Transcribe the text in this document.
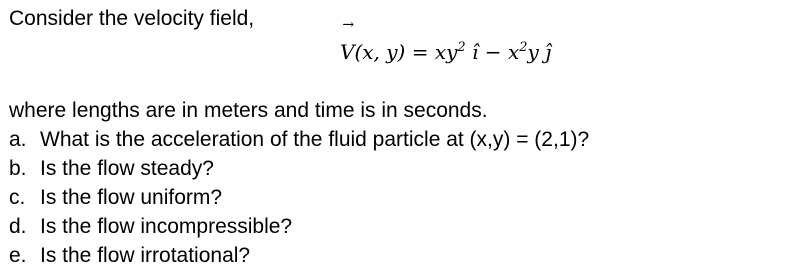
Consider the velocity field,	→
V(x, $y) = xy^2$ î − $x^2y$ ĵ
where lengths are in meters and time is in seconds.
a. What is the acceleration of the fluid particle at (x,y) = (2,1)?
b. Is the flow steady?
c. Is the flow uniform?
d. Is the flow incompressible?
e. Is the flow irrotational?
